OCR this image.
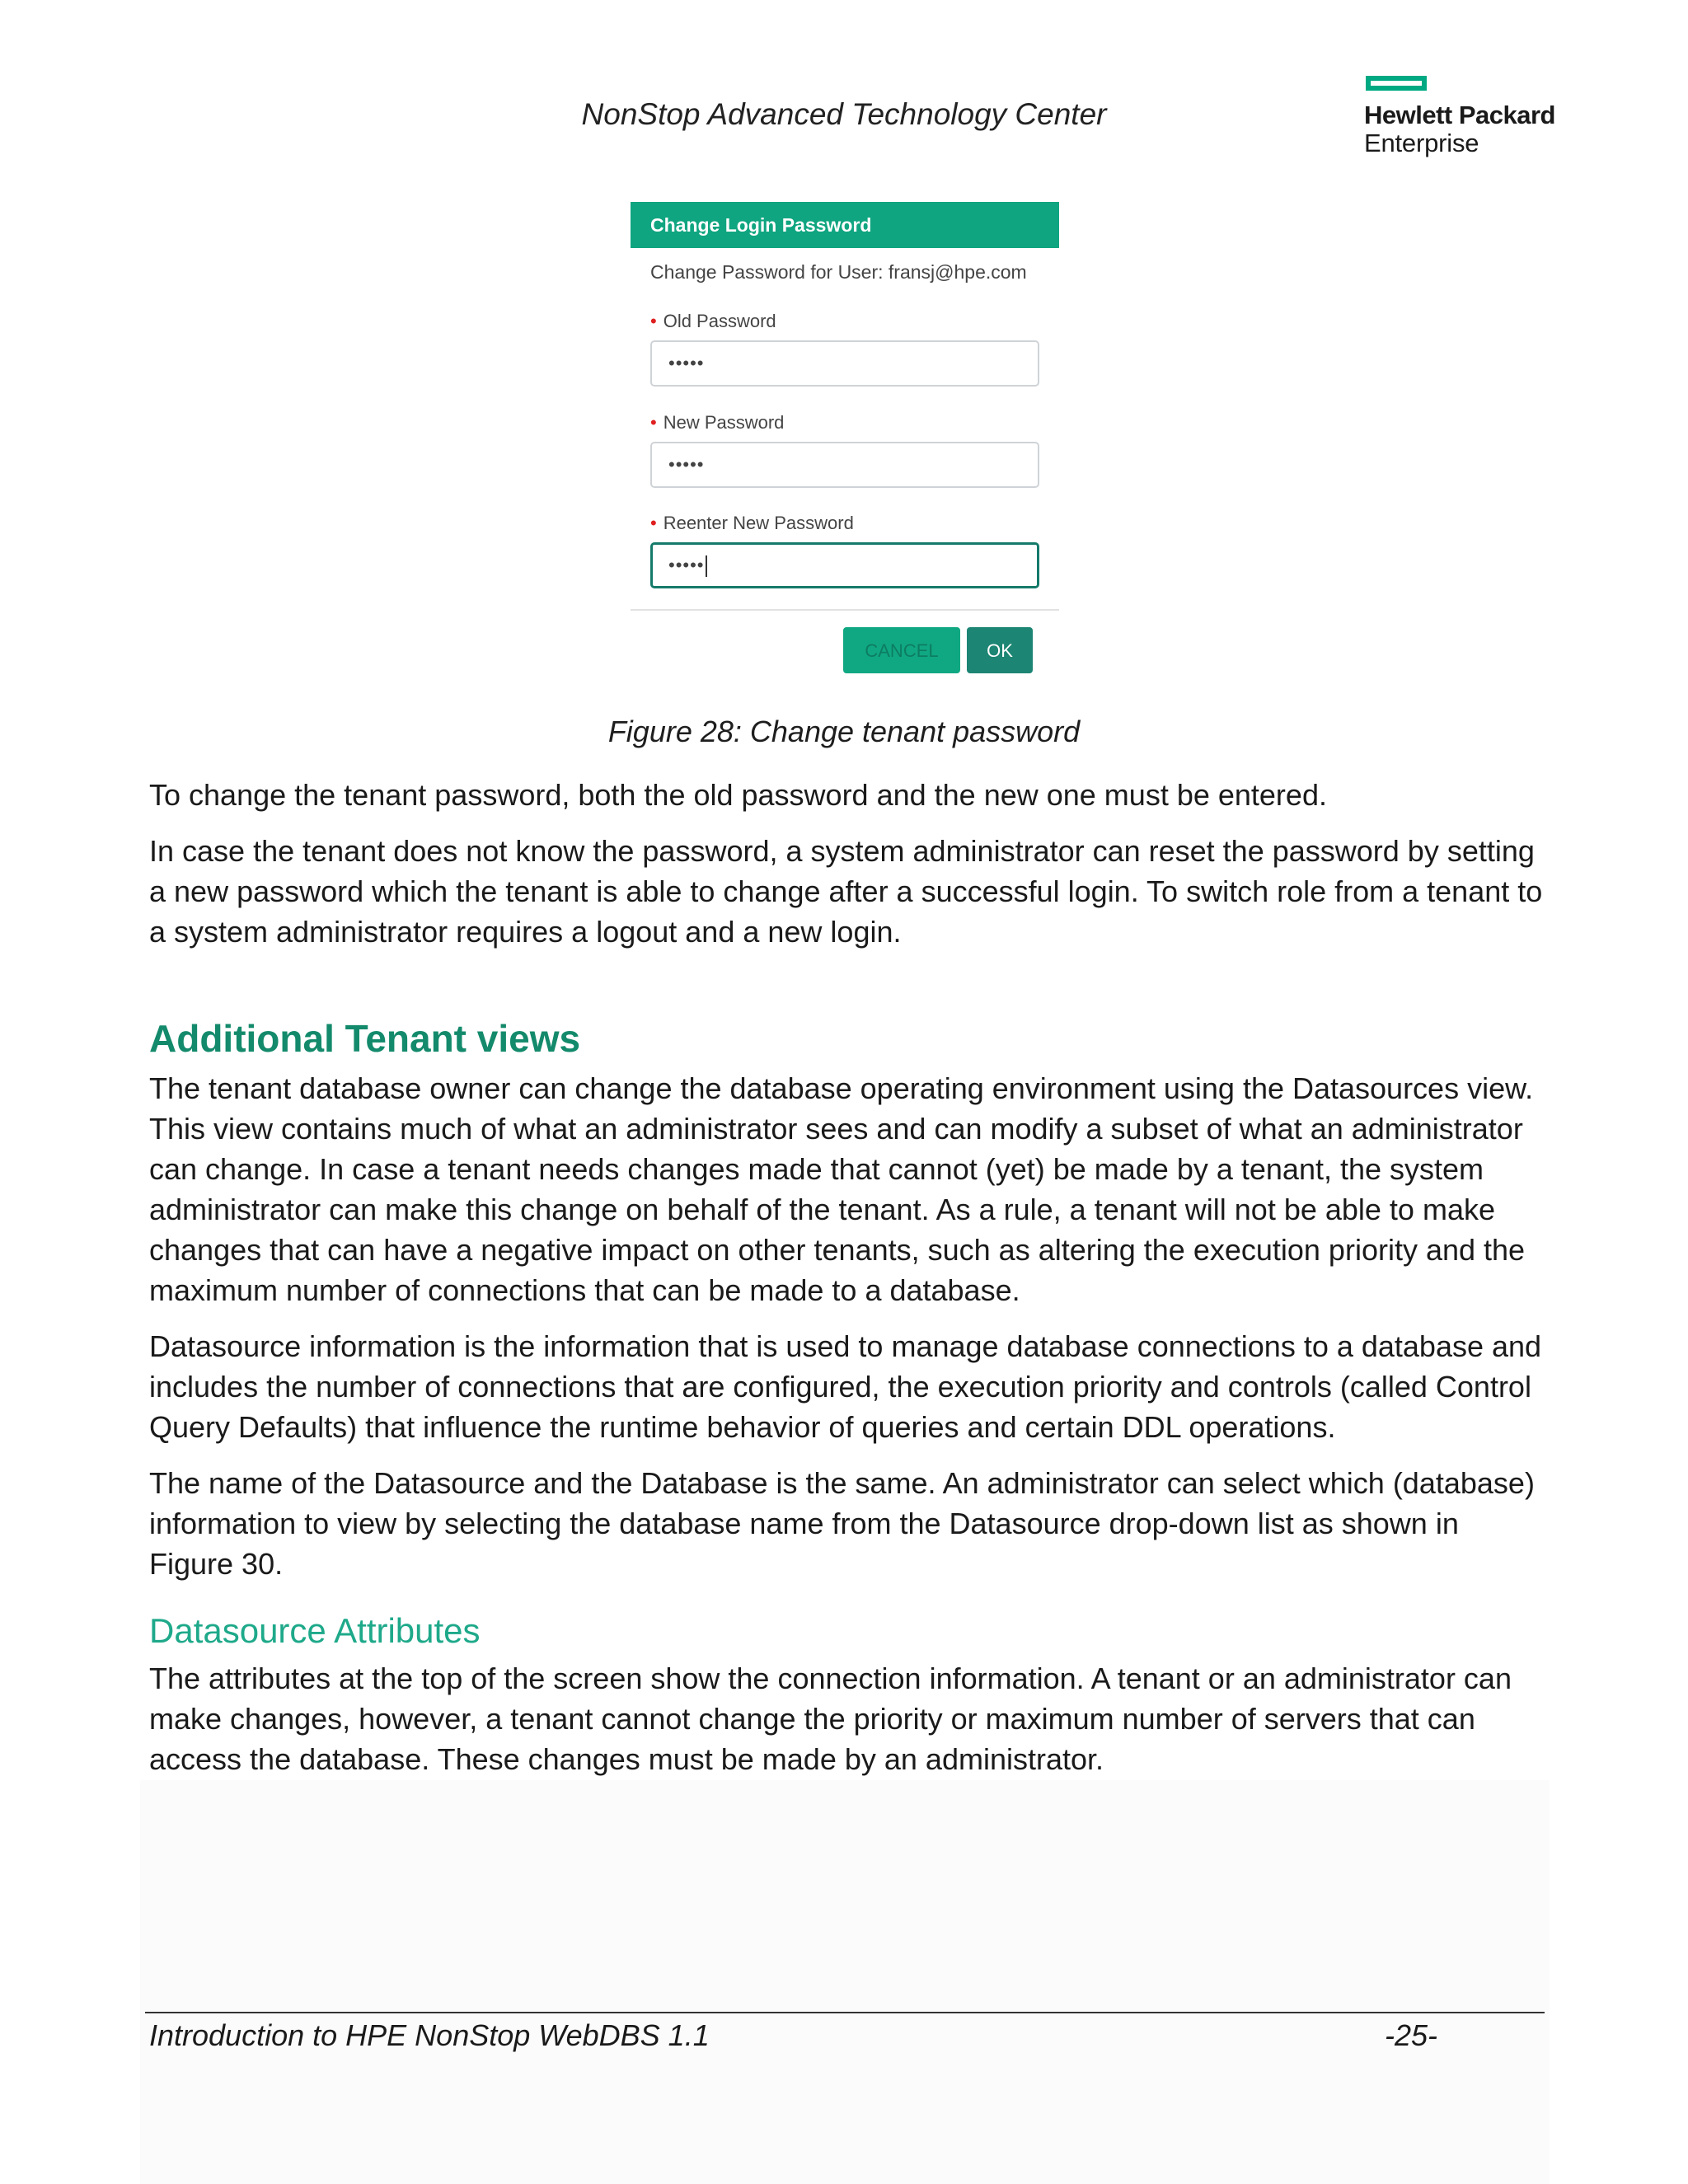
NonStop Advanced Technology Center	Hewlett Packard
Enterprise
Change Login Password
Change Password for User: fransj@hpe.com
• Old Password
•••••
• New Password
•••••
• Reenter New Password
•••••
CANCEL	OK
Figure 28: Change tenant password
To change the tenant password, both the old password and the new one must be entered.
In case the tenant does not know the password, a system administrator can reset the password by setting a new password which the tenant is able to change after a successful login. To switch role from a tenant to a system administrator requires a logout and a new login.
Additional Tenant views
The tenant database owner can change the database operating environment using the Datasources view. This view contains much of what an administrator sees and can modify a subset of what an administrator can change. In case a tenant needs changes made that cannot (yet) be made by a tenant, the system administrator can make this change on behalf of the tenant. As a rule, a tenant will not be able to make changes that can have a negative impact on other tenants, such as altering the execution priority and the maximum number of connections that can be made to a database.
Datasource information is the information that is used to manage database connections to a database and includes the number of connections that are configured, the execution priority and controls (called Control Query Defaults) that influence the runtime behavior of queries and certain DDL operations.
The name of the Datasource and the Database is the same. An administrator can select which (database) information to view by selecting the database name from the Datasource drop-down list as shown in Figure 30.
Datasource Attributes
The attributes at the top of the screen show the connection information. A tenant or an administrator can make changes, however, a tenant cannot change the priority or maximum number of servers that can access the database. These changes must be made by an administrator.
Introduction to HPE NonStop WebDBS 1.1	-25-
